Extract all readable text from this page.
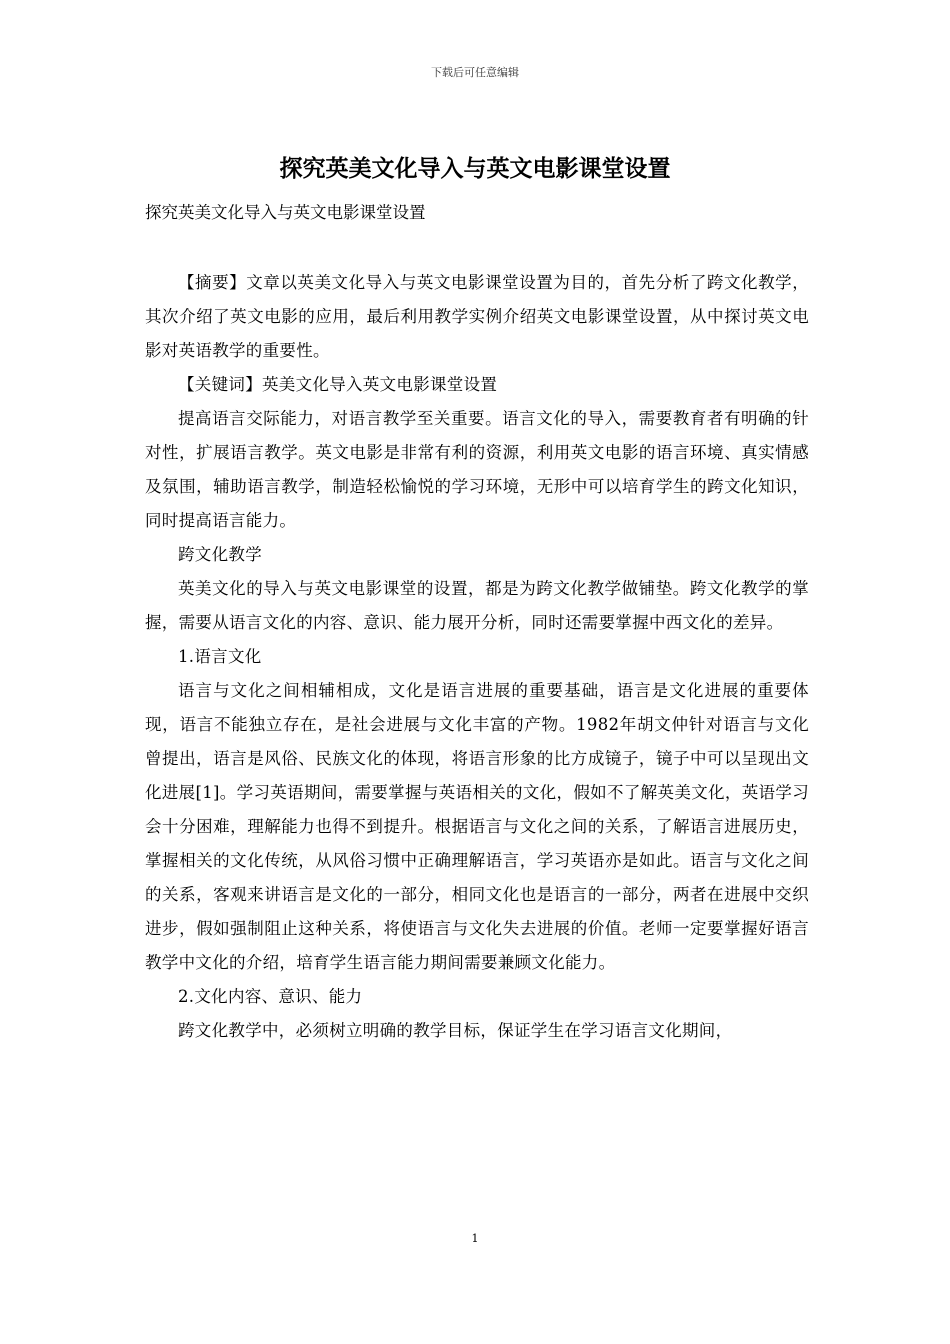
下载后可任意编辑
探究英美文化导入与英文电影课堂设置
探究英美文化导入与英文电影课堂设置

【摘要】文章以英美文化导入与英文电影课堂设置为目的，首先分析了跨文化教学，其次介绍了英文电影的应用，最后利用教学实例介绍英文电影课堂设置，从中探讨英文电影对英语教学的重要性。

【关键词】英美文化导入英文电影课堂设置

提高语言交际能力，对语言教学至关重要。语言文化的导入，需要教育者有明确的针对性，扩展语言教学。英文电影是非常有利的资源，利用英文电影的语言环境、真实情感及氛围，辅助语言教学，制造轻松愉悦的学习环境，无形中可以培育学生的跨文化知识，同时提高语言能力。

跨文化教学

英美文化的导入与英文电影课堂的设置，都是为跨文化教学做铺垫。跨文化教学的掌握，需要从语言文化的内容、意识、能力展开分析，同时还需要掌握中西文化的差异。

1.语言文化

语言与文化之间相辅相成，文化是语言进展的重要基础，语言是文化进展的重要体现，语言不能独立存在，是社会进展与文化丰富的产物。1982年胡文仲针对语言与文化曾提出，语言是风俗、民族文化的体现，将语言形象的比方成镜子，镜子中可以呈现出文化进展[1]。学习英语期间，需要掌握与英语相关的文化，假如不了解英美文化，英语学习会十分困难，理解能力也得不到提升。根据语言与文化之间的关系，了解语言进展历史，掌握相关的文化传统，从风俗习惯中正确理解语言，学习英语亦是如此。语言与文化之间的关系，客观来讲语言是文化的一部分，相同文化也是语言的一部分，两者在进展中交织进步，假如强制阻止这种关系，将使语言与文化失去进展的价值。老师一定要掌握好语言教学中文化的介绍，培育学生语言能力期间需要兼顾文化能力。

2.文化内容、意识、能力

跨文化教学中，必须树立明确的教学目标，保证学生在学习语言文化期间，

1
